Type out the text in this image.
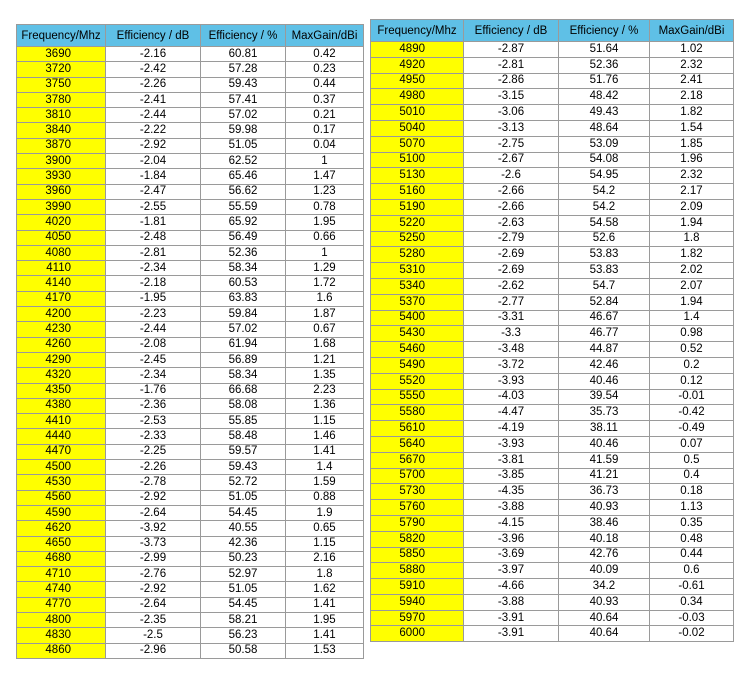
Frequency/Mhz	Efficiency / dB	Efficiency / %	MaxGain/dBi
3690	-2.16	60.81	0.42
3720	-2.42	57.28	0.23
3750	-2.26	59.43	0.44
3780	-2.41	57.41	0.37
3810	-2.44	57.02	0.21
3840	-2.22	59.98	0.17
3870	-2.92	51.05	0.04
3900	-2.04	62.52	1
3930	-1.84	65.46	1.47
3960	-2.47	56.62	1.23
3990	-2.55	55.59	0.78
4020	-1.81	65.92	1.95
4050	-2.48	56.49	0.66
4080	-2.81	52.36	1
4110	-2.34	58.34	1.29
4140	-2.18	60.53	1.72
4170	-1.95	63.83	1.6
4200	-2.23	59.84	1.87
4230	-2.44	57.02	0.67
4260	-2.08	61.94	1.68
4290	-2.45	56.89	1.21
4320	-2.34	58.34	1.35
4350	-1.76	66.68	2.23
4380	-2.36	58.08	1.36
4410	-2.53	55.85	1.15
4440	-2.33	58.48	1.46
4470	-2.25	59.57	1.41
4500	-2.26	59.43	1.4
4530	-2.78	52.72	1.59
4560	-2.92	51.05	0.88
4590	-2.64	54.45	1.9
4620	-3.92	40.55	0.65
4650	-3.73	42.36	1.15
4680	-2.99	50.23	2.16
4710	-2.76	52.97	1.8
4740	-2.92	51.05	1.62
4770	-2.64	54.45	1.41
4800	-2.35	58.21	1.95
4830	-2.5	56.23	1.41
4860	-2.96	50.58	1.53
Frequency/Mhz	Efficiency / dB	Efficiency / %	MaxGain/dBi
4890	-2.87	51.64	1.02
4920	-2.81	52.36	2.32
4950	-2.86	51.76	2.41
4980	-3.15	48.42	2.18
5010	-3.06	49.43	1.82
5040	-3.13	48.64	1.54
5070	-2.75	53.09	1.85
5100	-2.67	54.08	1.96
5130	-2.6	54.95	2.32
5160	-2.66	54.2	2.17
5190	-2.66	54.2	2.09
5220	-2.63	54.58	1.94
5250	-2.79	52.6	1.8
5280	-2.69	53.83	1.82
5310	-2.69	53.83	2.02
5340	-2.62	54.7	2.07
5370	-2.77	52.84	1.94
5400	-3.31	46.67	1.4
5430	-3.3	46.77	0.98
5460	-3.48	44.87	0.52
5490	-3.72	42.46	0.2
5520	-3.93	40.46	0.12
5550	-4.03	39.54	-0.01
5580	-4.47	35.73	-0.42
5610	-4.19	38.11	-0.49
5640	-3.93	40.46	0.07
5670	-3.81	41.59	0.5
5700	-3.85	41.21	0.4
5730	-4.35	36.73	0.18
5760	-3.88	40.93	1.13
5790	-4.15	38.46	0.35
5820	-3.96	40.18	0.48
5850	-3.69	42.76	0.44
5880	-3.97	40.09	0.6
5910	-4.66	34.2	-0.61
5940	-3.88	40.93	0.34
5970	-3.91	40.64	-0.03
6000	-3.91	40.64	-0.02
